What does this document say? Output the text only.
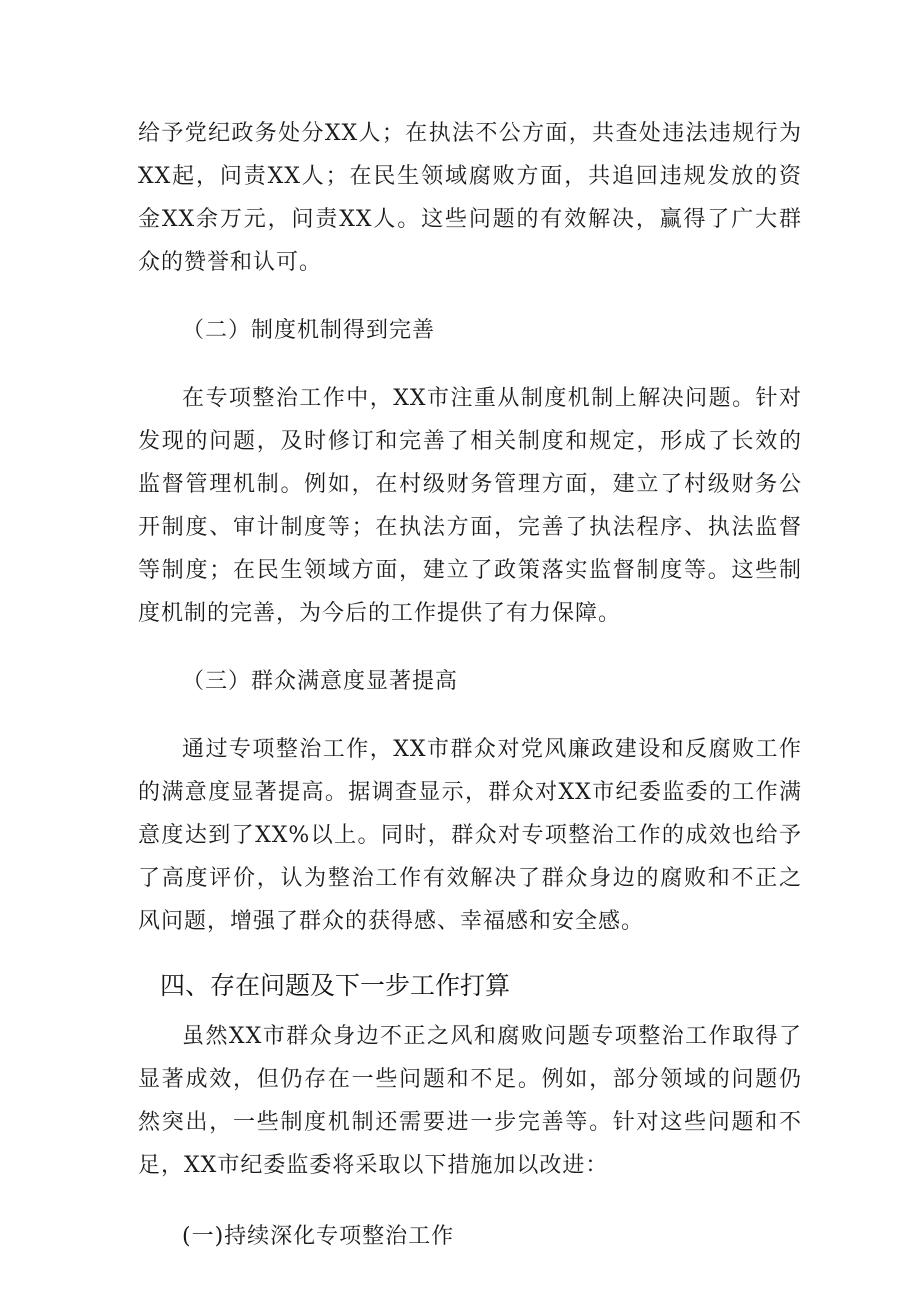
给予党纪政务处分XX人；在执法不公方面，共查处违法违规行为XX起，问责XX人；在民生领域腐败方面，共追回违规发放的资金XX余万元，问责XX人。这些问题的有效解决，赢得了广大群众的赞誉和认可。

（二）制度机制得到完善

在专项整治工作中，XX市注重从制度机制上解决问题。针对发现的问题，及时修订和完善了相关制度和规定，形成了长效的监督管理机制。例如，在村级财务管理方面，建立了村级财务公开制度、审计制度等；在执法方面，完善了执法程序、执法监督等制度；在民生领域方面，建立了政策落实监督制度等。这些制度机制的完善，为今后的工作提供了有力保障。

（三）群众满意度显著提高

通过专项整治工作，XX市群众对党风廉政建设和反腐败工作的满意度显著提高。据调查显示，群众对XX市纪委监委的工作满意度达到了XX%以上。同时，群众对专项整治工作的成效也给予了高度评价，认为整治工作有效解决了群众身边的腐败和不正之风问题，增强了群众的获得感、幸福感和安全感。

四、存在问题及下一步工作打算

虽然XX市群众身边不正之风和腐败问题专项整治工作取得了显著成效，但仍存在一些问题和不足。例如，部分领域的问题仍然突出，一些制度机制还需要进一步完善等。针对这些问题和不足，XX市纪委监委将采取以下措施加以改进：

(一)持续深化专项整治工作
